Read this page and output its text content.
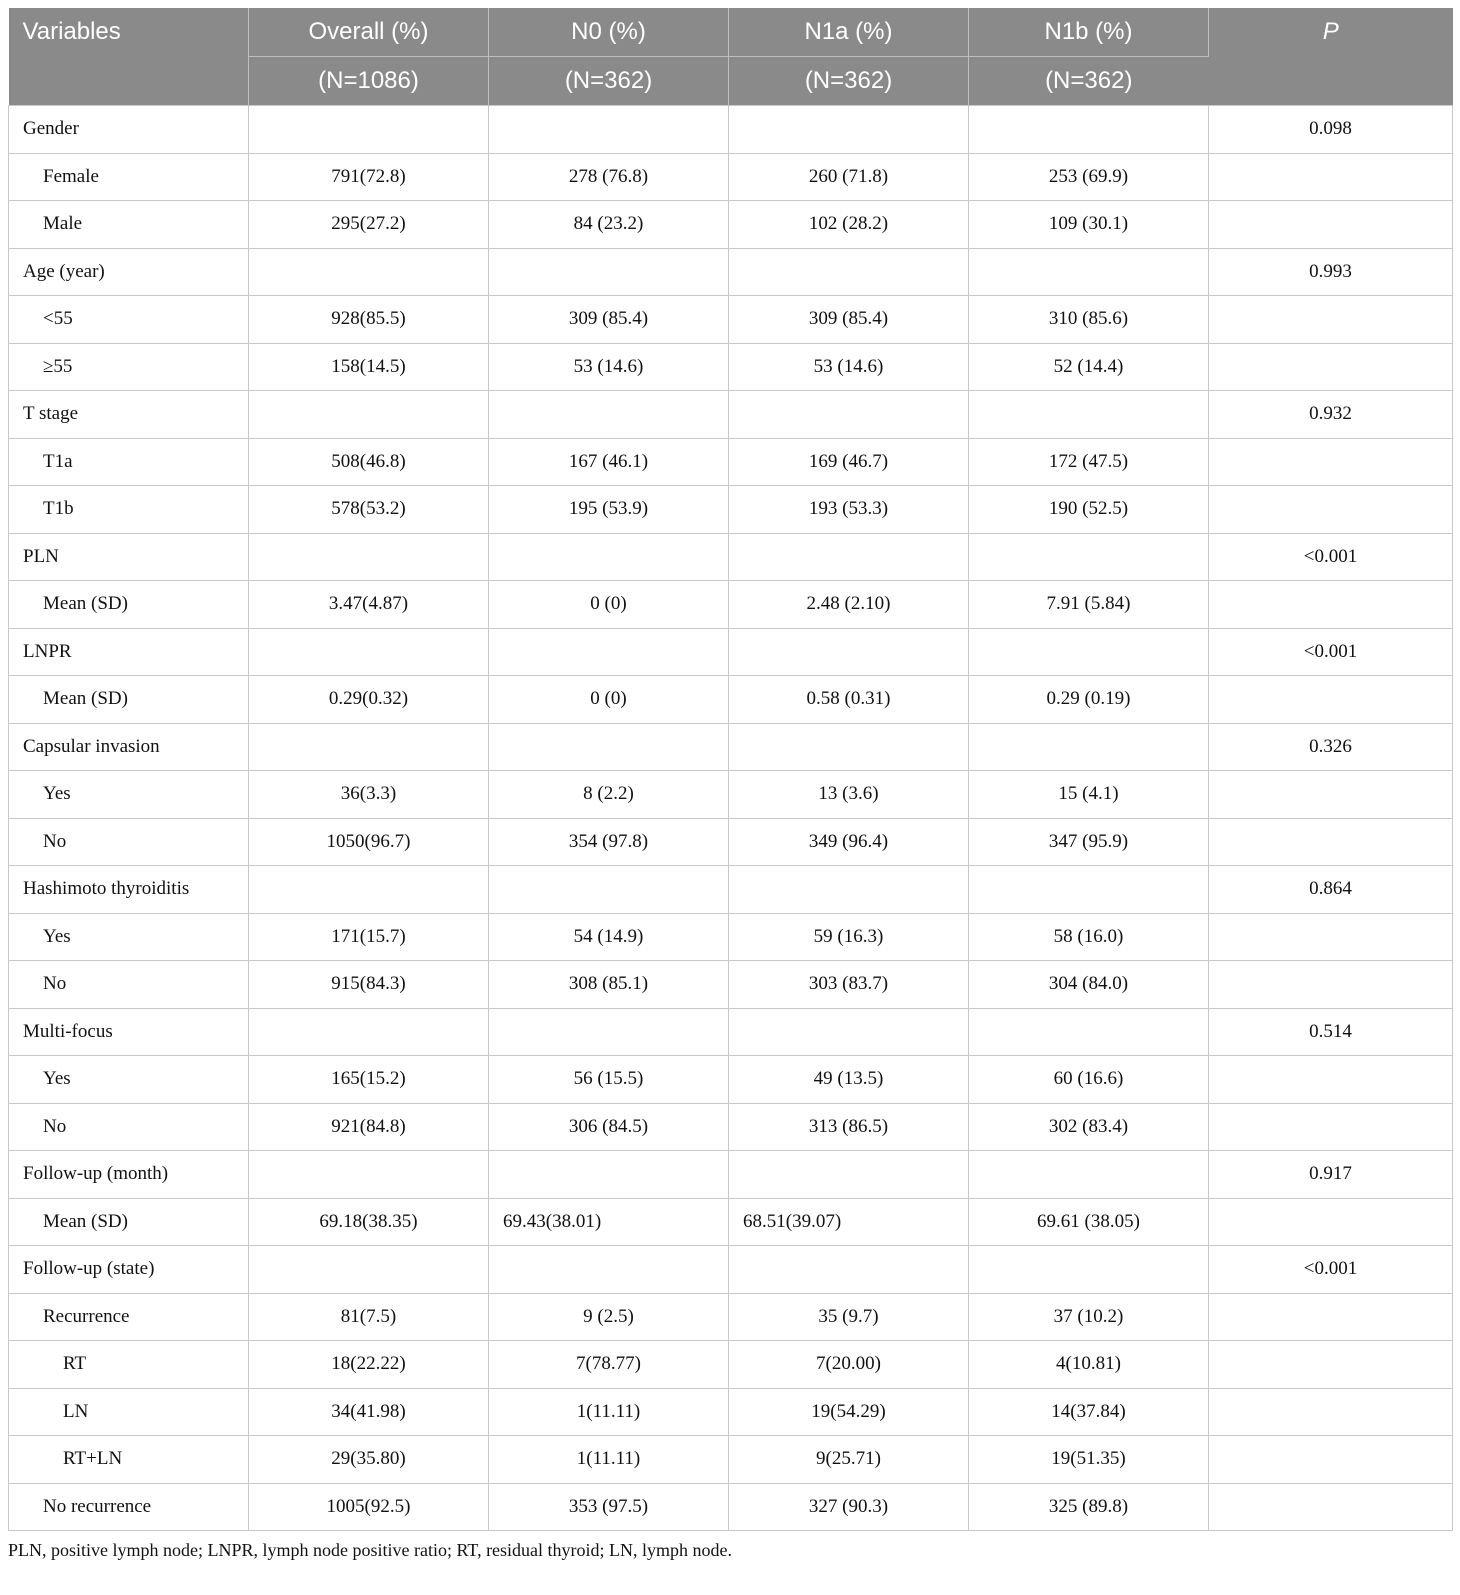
Variables	Overall (%)	N0 (%)	N1a (%)	N1b (%)	P
	(N=1086)	(N=362)	(N=362)	(N=362)	
Gender					0.098
Female	791(72.8)	278 (76.8)	260 (71.8)	253 (69.9)	
Male	295(27.2)	84 (23.2)	102 (28.2)	109 (30.1)	
Age (year)					0.993
<55	928(85.5)	309 (85.4)	309 (85.4)	310 (85.6)	
≥55	158(14.5)	53 (14.6)	53 (14.6)	52 (14.4)	
T stage					0.932
T1a	508(46.8)	167 (46.1)	169 (46.7)	172 (47.5)	
T1b	578(53.2)	195 (53.9)	193 (53.3)	190 (52.5)	
PLN					<0.001
Mean (SD)	3.47(4.87)	0 (0)	2.48 (2.10)	7.91 (5.84)	
LNPR					<0.001
Mean (SD)	0.29(0.32)	0 (0)	0.58 (0.31)	0.29 (0.19)	
Capsular invasion					0.326
Yes	36(3.3)	8 (2.2)	13 (3.6)	15 (4.1)	
No	1050(96.7)	354 (97.8)	349 (96.4)	347 (95.9)	
Hashimoto thyroiditis					0.864
Yes	171(15.7)	54 (14.9)	59 (16.3)	58 (16.0)	
No	915(84.3)	308 (85.1)	303 (83.7)	304 (84.0)	
Multi-focus					0.514
Yes	165(15.2)	56 (15.5)	49 (13.5)	60 (16.6)	
No	921(84.8)	306 (84.5)	313 (86.5)	302 (83.4)	
Follow-up (month)					0.917
Mean (SD)	69.18(38.35)	69.43(38.01)	68.51(39.07)	69.61 (38.05)	
Follow-up (state)					<0.001
Recurrence	81(7.5)	9 (2.5)	35 (9.7)	37 (10.2)	
RT	18(22.22)	7(78.77)	7(20.00)	4(10.81)	
LN	34(41.98)	1(11.11)	19(54.29)	14(37.84)	
RT+LN	29(35.80)	1(11.11)	9(25.71)	19(51.35)	
No recurrence	1005(92.5)	353 (97.5)	327 (90.3)	325 (89.8)	
PLN, positive lymph node; LNPR, lymph node positive ratio; RT, residual thyroid; LN, lymph node.
